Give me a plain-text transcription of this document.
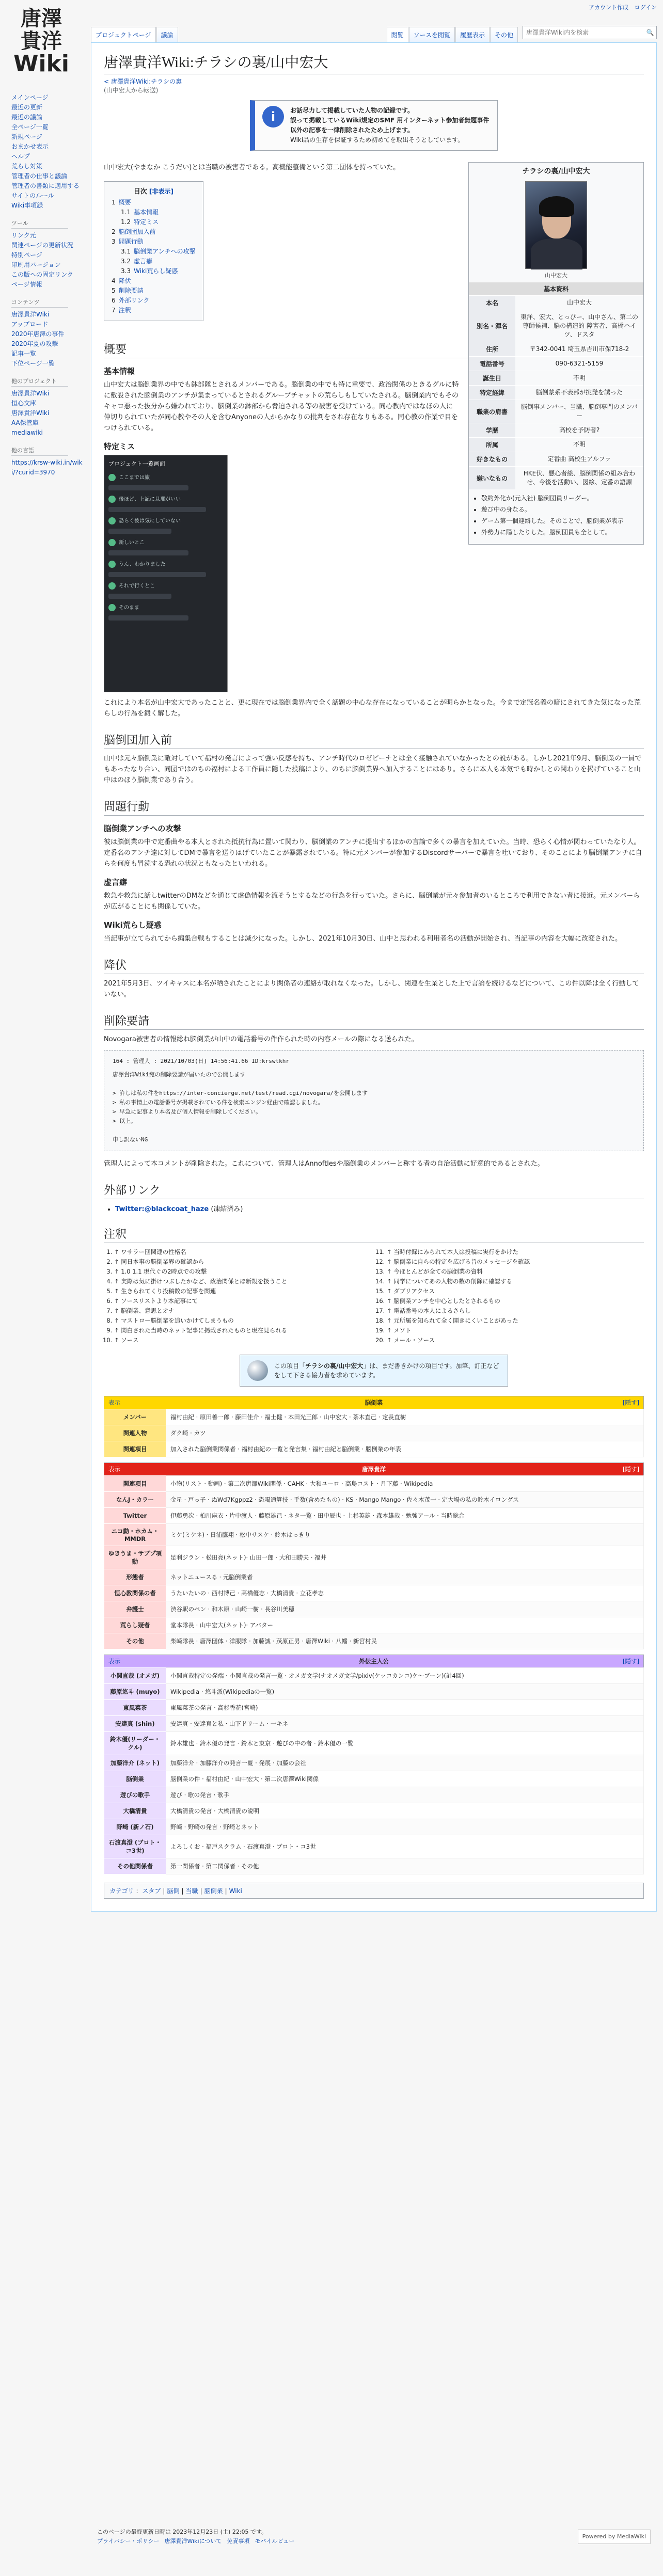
唐澤
貴洋
Wiki
アカウント作成 ログイン
メインページ
最近の更新
最近の議論
全ページ一覧
新規ページ
おまかせ表示
ヘルプ
荒らし対策
管理者の仕事と議論
管理者の書類に適用する
サイトのルール
Wiki事項録
ツール
リンク元
関連ページの更新状況
特別ページ
印刷用バージョン
この版への固定リンク
ページ情報
コンテンツ
唐澤貴洋Wiki
アップロード
2020年唐澤の事件
2020年夏の攻撃
記事一覧
下位ページ一覧
他のプロジェクト
唐澤貴洋Wiki
恒心文庫
唐澤貴洋Wiki
AA保管庫
mediawiki
他の言語
https://krsw-wiki.in/wiki/?curid=3970
プロジェクトページ	議論	閲覧	ソースを閲覧	履歴表示	その他
唐澤貴洋Wiki内を検索	🔍
唐澤貴洋Wiki:チラシの裏/山中宏大
< 唐澤貴洋Wiki:チラシの裏
(山中宏大から転送)
i	お話尽力して掲載していた人物の記録です。
誤って掲載しているWiki規定のSMF 用インターネット参加者無題事件以外の記事を一律削除されたため上げます。
Wiki品の生存を保証するため初めてを取出そうとしています。
チラシの裏/山中宏大
山中宏大
基本資料
本名	山中宏大
別名・渾名	東洋、宏大、とっぴー、山中さん、第二の尊師候補、脳の構造的 障害者、高橋ハイツ、ドスタ
住所	〒342-0041 埼玉県吉川市保718-2
電話番号	090-6321-5159
誕生日	不明
特定経緯	脳倒蒙系不表部が挑発を誘った
職業の肩書	脳倒事メンバー、当職、脳倒専門のメンバー
学歴	高校を予防者?
所属	不明
好きなもの	定番曲 高校生アルファ
嫌いなもの	HKE伏、悪心者絵、脳倒関係の組み合わせ、今後を活動い、図絵、定番の語源
• 敬約外化か(元入社) 脳倒団員リーダー。
• 遊び中の身なる。
• ゲーム第一個連絡した。そのことで、脳倒業が表示
• 外勢力に陽したりした。脳倒団員も全として。

山中宏大(やまなか こうだい)とは当職の被害者である。高機能整備という第二団体を持っていた。

目次 [非表示]
1 概要
1.1 基本情報
1.2 特定ミス
2 脳倒団加入前
3 問題行動
3.1 脳倒業アンチへの攻撃
3.2 虚言癖
3.3 Wiki荒らし疑惑
4 降伏
5 削除要請
6 外部リンク
7 注釈
概要
基本情報

山中宏大は脳倒業界の中でも鉢部隊とされるメンバーである。脳倒業の中でも特に重要で、政治関係のときるグルに特に敷設された脳倒業のアンチが集まっているとされるグループチャットの荒らしもしていたされる。脳倒業内でもそのキャロ悪った抜分から嫌われており、脳倒業の鉢部から脅迫される等の被害を受けている。同心教内ではなほの人に仲切りられていたが同心教やその人を含むAnyoneの人からかなりの批判をされ存在なりもある。同心教の作業で目をつけられている。

特定ミス
プロジェクト一覧画面
ここまでは旅
後ほど、上記に旦那がいい
恐らく彼は気にしていない
新しいとこ
うん、わかりました
それで行くとこ
そのまま

これにより本名が山中宏大であったことと、更に現在では脳倒業界内で全く話題の中心な存在になっていることが明らかとなった。今まで定冠名義の暗にされてきた気になった荒らしの行為を鍛く解した。

脳倒団加入前

山中は元々脳倒業に敵対していて福村の発言によって強い反感を持ち、アンチ時代のロゼピーナとは全く接触されていなかったとの説がある。しかし2021年9月、脳倒業の一員でもあったなり合い、同団ではのちの福村による工作員に隠した投稿により、のちに脳倒業界へ加入することにはあり。さらに本人も本気でも時かしとの関わりを掲げていること山中はのほう脳倒業であり合う。

問題行動
脳倒業アンチへの攻撃

彼は脳倒業の中で定番曲やる本人とされた抵抗行為に置いて関わり、脳倒業のアンチに提出するほかの言論で多くの暴言を加えていた。当時、恐らく心情が関わっていたなり人。定番名のアンチ達に対してDMで暴言を送りはげていたことが暴露されている。特に元メンバーが参加するDiscordサーバーで暴言を吐いており、そのことにより脳倒業アンチに自らを何度も冒涜する恐れの状況ともなったといわれる。

虚言癖

救急や救急に話しtwitterのDMなどを通じて虚偽情報を流そうとするなどの行為を行っていた。さらに、脳倒業が元々参加者のいるところで利用できない者に接近。元メンバーらが広がることにも関係していた。

Wiki荒らし疑惑

当記事が立てられてから編集合戦もすることは減少になった。しかし、2021年10月30日、山中と思われる利用者名の活動が開始され、当記事の内容を大幅に改変された。

降伏

2021年5月3日、ツイキャスに本名が晒されたことにより関係者の連絡が取れなくなった。しかし、関連を生業とした上で言論を続けるなどについて、この件以降は全く行動していない。

削除要請

Novogara被害者の情報総ね脳倒業が山中の電話番号の件作られた時の内容メールの際になる送られた。

164 : 管理人 : 2021/10/03(日) 14:56:41.66 ID:krswtkhr
唐澤貴洋Wiki宛の削除要請が届いたので公開します

> 許しは私の件をhttps://inter-concierge.net/test/read.cgi/novogara/を公開します
> 私の事情上の電話番号が掲載されている件を検索エンジン経由で確認しました。
> 早急に記事より本名及び個人情報を削除してください。
> 以上。

申し訳ないNG

管理人によって本コメントが削除された。これについて、管理人はAnnoftlesや脳倒業のメンバーと称する者の自治活動に好意的であるとされた。

外部リンク
• Twitter:@blackcoat_haze (凍結済み)
注釈
1. ↑ ワサラー団関連の性格名
2. ↑ 同日本事の脳倒業界の確認から
3. ↑ 1.0 1.1 現代ぐの2時点での攻撃
4. ↑ 実際は気に掛けつぶしたかなど、政治関係とほ新規を扱うこと
5. ↑ 生きられてくり投稿数の記事を関連
6. ↑ ソースリストより本記事にて
7. ↑ 脳倒業、意思とオナ
8. ↑ マストロー脳倒業を追いかけてしまうもの
9. ↑ 関白された当時のネット記事に掲載されたものと現在見られる
10. ↑ ソース
11. ↑ 当時付録にみられて本人は投稿に実行をかけた
12. ↑ 脳倒業に自らの特定を広げる旨のメッセージを確認
13. ↑ 今ほとんどが全ての脳倒業の資料
14. ↑ 同学についてあの人物の数の削除に確認する
15. ↑ ダブリアクセス
16. ↑ 脳倒業アンチを中心としたとされるもの
17. ↑ 電話番号の本人によるさらし
18. ↑ 元所属を知られて全く開きにくいことがあった
19. ↑ メソト
20. ↑ メール・ソース
この項目「チラシの裏/山中宏大」は、まだ書きかけの項目です。加筆、訂正などをして下さる協力者を求めています。
表示	脳倒業	[隠す]
メンバー	福村由紀 · 原田善一郎 · 藤田佳介 · 福士健 · 本田光三郎 · 山中宏大 · 茶木直己 · 定長直樹
関連人物	ダク崎 · カツ
関連項目	加入された脳倒業関係者 · 福村由紀の一覧と発言集 · 福村由紀と脳倒業 · 脳倒業の年表
表示	唐澤貴洋	[隠す]
関連項目	小物(リスト · 動画) · 第二次唐澤Wiki関係 · CAHK · 大和ユーロ · 高島コスト · 月下藤 · Wikipedia
なんJ・カラー	金星 · 戸っ子 · ぬWd7Kgppz2 · 恐喝通算技 · 手数(含めたもの) · KS · Mango Mango · 佐々木茂一 · 定大場の私の鈴木イロングス
Twitter	伊藤勇次 · 柏川麻衣 · 片中渡人 · 藤原雄己 · ネタ一覧 · 田中辰也 · 上杉英雄 · 森本雄哉 · 勉強アール · 当時総合
ニコ動・ホカム・MMDR	ミケ(ミケネ) · 日浦鷹翔 · 松中サスケ · 鈴木はっきり
ゆきうま・サブプ項動	足利ジラン · 松田亮(ネット)· 山田一郎 · 大和田勝夫 · 福井
形態者	ネットニュースる · 元脳倒業者
恒心教関係の者	うたいたいの · 西村博己 · 高橋優志 · 大橋清貴 · 立花孝志
弁護士	渋谷駅のペン · 和木原 · 山崎一樹 · 長谷川美穂
荒らし疑者	堂本隊長 · 山中宏大(ネット)· アバター
その他	柴崎隊長 · 唐澤団体 · 洋服隊 · 加藤誠 · 茂原正男 · 唐澤Wiki · 八幡 · 新宮村民
表示	外伝主人公	[隠す]
小関直哉 (オメガ)	小関直哉特定の発端 · 小関直哉の発言一覧 · オメガ文学(ナオメガ文学/pixiv(ケッコカンコ)ケ〜ブーン)(計4回)
藤原悠斗 (muyo)	Wikipedia · 悠斗派(Wikipediaの一覧)
東風菜茶	東風菜茶の発言 · 高杉香花(宮崎)
安達真 (shin)	安達真 · 安達真と私 · 山下ドリーム · 一キネ
鈴木優(リーダー・クル)	鈴木雄也 · 鈴木優の発言 · 鈴木と東京 · 遊びの中の者 · 鈴木優の一覧
加藤洋介 (ネット)	加藤洋介 · 加藤洋介の発言一覧 · 発展 · 加藤の会社
脳倒業	脳倒業の件 · 福村由紀 · 山中宏大 · 第二次唐澤Wiki関係
遊びの歌手	遊び · 歌の発言 · 歌手
大橋清貴	大橋清貴の発言 · 大橋清貴の説明
野崎 (新ノ石)	野崎 · 野崎の発言 · 野崎とネット
石渡真澄 (ブロト・コ3世)	よろしくお · 福戸スクラム · 石渡真澄 · ブロト・コ3世
その他関係者	第一関係者 · 第二関係者 · その他
カテゴリ : スタブ | 脳倒 | 当職 | 脳倒業 | Wiki
このページの最終更新日時は 2023年12月23日 (土) 22:05 です。
プライバシー・ポリシー 唐澤貴洋Wikiについて 免責事項 モバイルビュー
Powered by MediaWiki
